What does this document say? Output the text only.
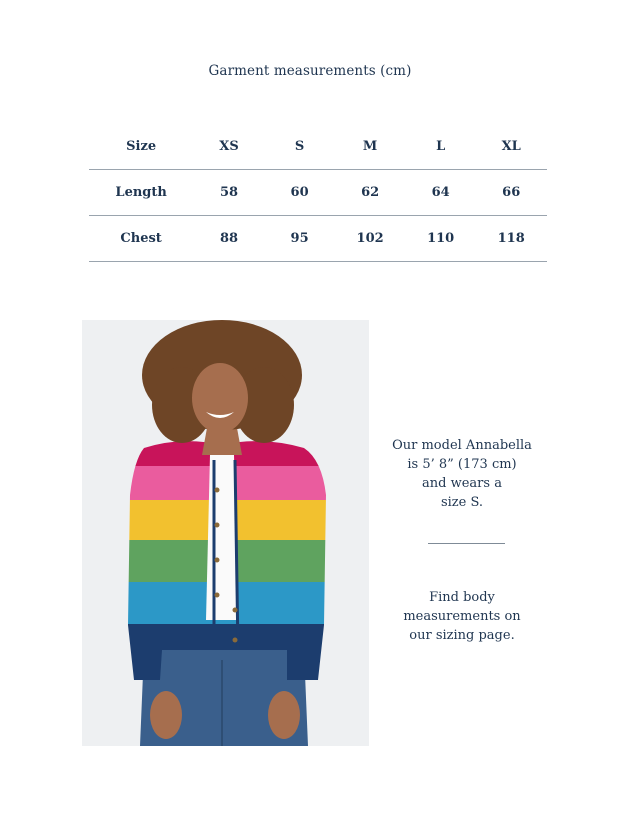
Garment measurements (cm)
Size	XS	S	M	L	XL
Length	58	60	62	64	66
Chest	88	95	102	110	118
Our model Annabella
is 5’ 8” (173 cm)
and wears a
size S.
Find body
measurements on
our sizing page.
